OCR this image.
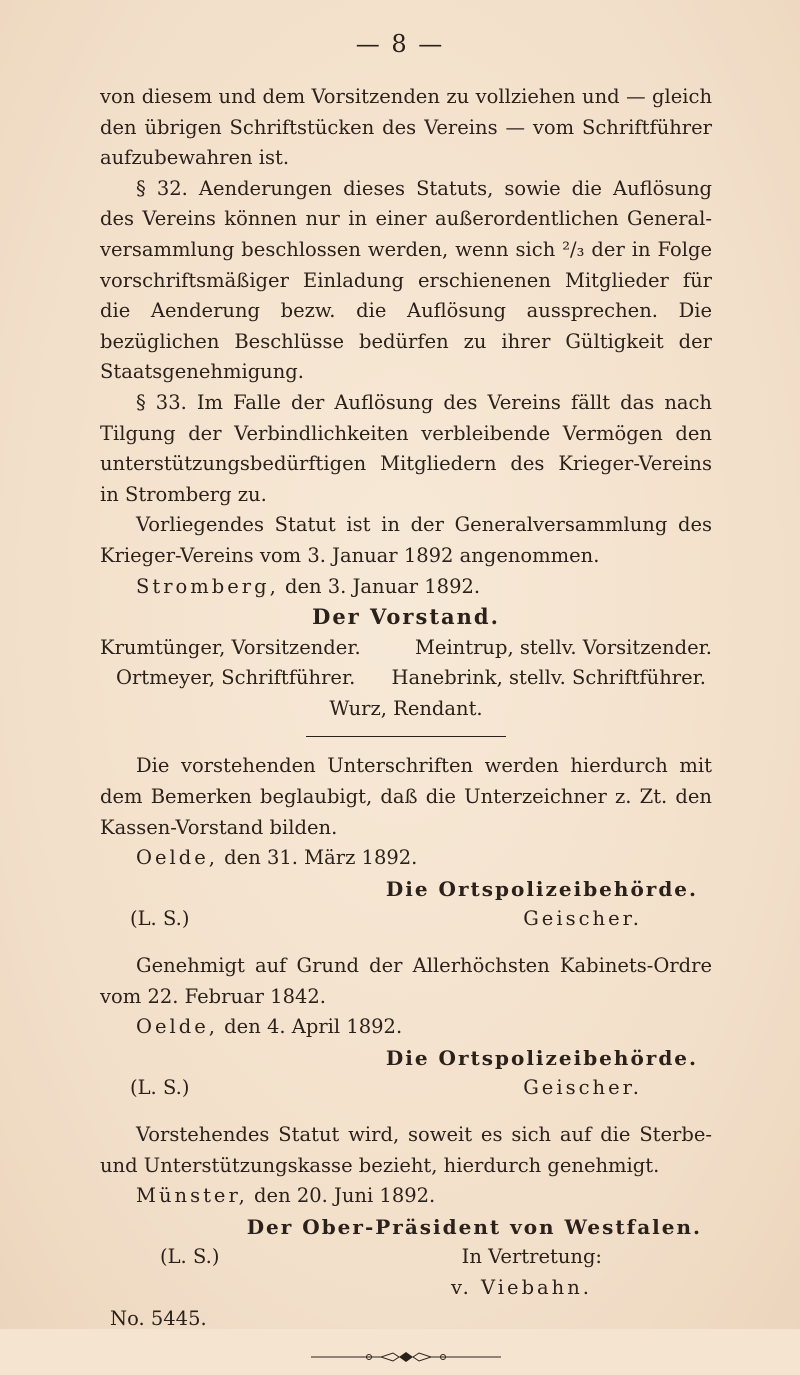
— 8 —

von diesem und dem Vorsitzenden zu vollziehen und — gleich den übrigen Schriftstücken des Vereins — vom Schriftführer aufzubewahren ist.

§ 32. Aenderungen dieses Statuts, sowie die Auflösung des Vereins können nur in einer außerordentlichen General-versammlung beschlossen werden, wenn sich ²/₃ der in Folge vorschriftsmäßiger Einladung erschienenen Mitglieder für die Aenderung bezw. die Auflösung aussprechen. Die bezüglichen Beschlüsse bedürfen zu ihrer Gültigkeit der Staatsgenehmigung.

§ 33. Im Falle der Auflösung des Vereins fällt das nach Tilgung der Verbindlichkeiten verbleibende Vermögen den unterstützungsbedürftigen Mitgliedern des Krieger-Vereins in Stromberg zu.

Vorliegendes Statut ist in der Generalversammlung des Krieger-Vereins vom 3. Januar 1892 angenommen.

Stromberg, den 3. Januar 1892.

Der Vorstand.

Krumtünger, Vorsitzender.	Meintrup, stellv. Vorsitzender.
Ortmeyer, Schriftführer. Hanebrink, stellv. Schriftführer.

Wurz, Rendant.

Die vorstehenden Unterschriften werden hierdurch mit dem Bemerken beglaubigt, daß die Unterzeichner z. Zt. den Kassen-Vorstand bilden.

Oelde, den 31. März 1892.

Die Ortspolizeibehörde.

(L. S.)	Geischer.

Genehmigt auf Grund der Allerhöchsten Kabinets-Ordre vom 22. Februar 1842.

Oelde, den 4. April 1892.

Die Ortspolizeibehörde.

(L. S.)	Geischer.

Vorstehendes Statut wird, soweit es sich auf die Sterbe- und Unterstützungskasse bezieht, hierdurch genehmigt.

Münster, den 20. Juni 1892.

Der Ober-Präsident von Westfalen.

(L. S.)	In Vertretung:

v. Viebahn.

No. 5445.
